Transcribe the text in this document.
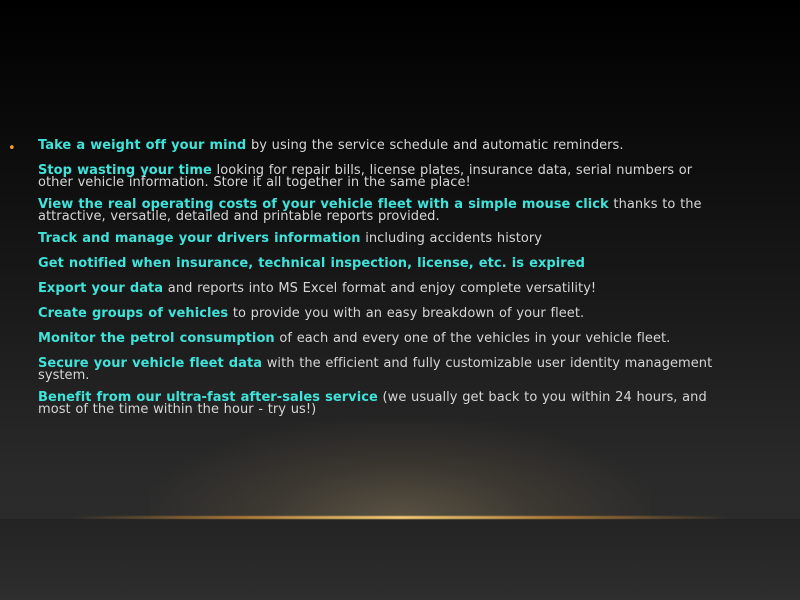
• Take a weight off your mind by using the service schedule and automatic reminders.

Stop wasting your time looking for repair bills, license plates, insurance data, serial numbers or other vehicle information. Store it all together in the same place!

View the real operating costs of your vehicle fleet with a simple mouse click thanks to the attractive, versatile, detailed and printable reports provided.

Track and manage your drivers information including accidents history

Get notified when insurance, technical inspection, license, etc. is expired

Export your data and reports into MS Excel format and enjoy complete versatility!

Create groups of vehicles to provide you with an easy breakdown of your fleet.

Monitor the petrol consumption of each and every one of the vehicles in your vehicle fleet.

Secure your vehicle fleet data with the efficient and fully customizable user identity management system.

Benefit from our ultra-fast after-sales service (we usually get back to you within 24 hours, and most of the time within the hour - try us!)
